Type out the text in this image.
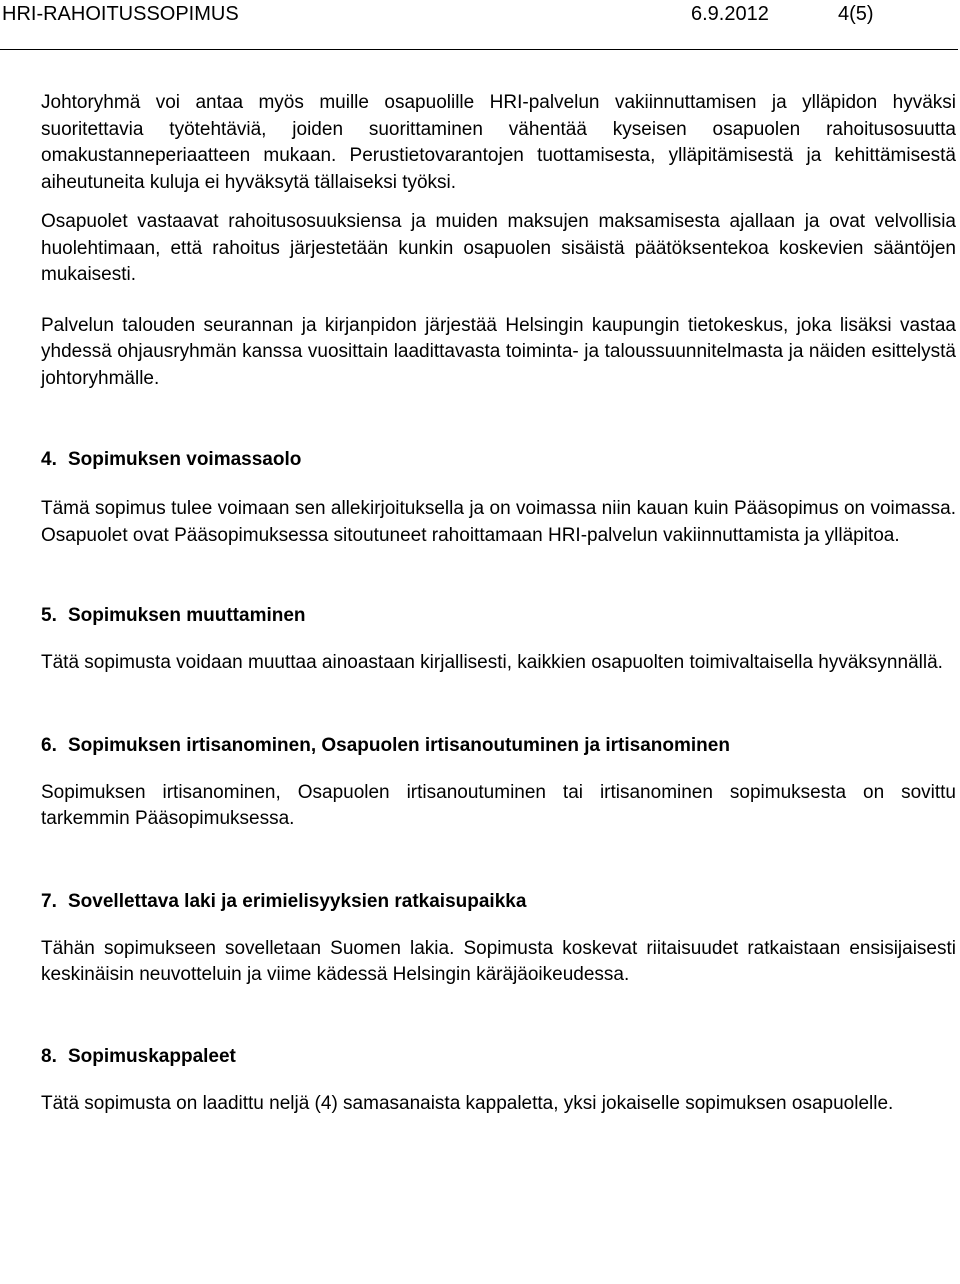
HRI-RAHOITUSSOPIMUS	6.9.2012	4(5)

Johtoryhmä voi antaa myös muille osapuolille HRI-palvelun vakiinnuttamisen ja ylläpidon hyväksi suoritettavia työtehtäviä, joiden suorittaminen vähentää kyseisen osapuolen rahoitusosuutta omakustanneperiaatteen mukaan. Perustietovarantojen tuottamisesta, ylläpitämisestä ja kehittämisestä aiheutuneita kuluja ei hyväksytä tällaiseksi työksi.

Osapuolet vastaavat rahoitusosuuksiensa ja muiden maksujen maksamisesta ajallaan ja ovat velvollisia huolehtimaan, että rahoitus järjestetään kunkin osapuolen sisäistä päätöksentekoa koskevien sääntöjen mukaisesti.

Palvelun talouden seurannan ja kirjanpidon järjestää Helsingin kaupungin tietokeskus, joka lisäksi vastaa yhdessä ohjausryhmän kanssa vuosittain laadittavasta toiminta- ja taloussuunnitelmasta ja näiden esittelystä johtoryhmälle.

4. Sopimuksen voimassaolo

Tämä sopimus tulee voimaan sen allekirjoituksella ja on voimassa niin kauan kuin Pääsopimus on voimassa. Osapuolet ovat Pääsopimuksessa sitoutuneet rahoittamaan HRI-palvelun vakiinnuttamista ja ylläpitoa.

5. Sopimuksen muuttaminen

Tätä sopimusta voidaan muuttaa ainoastaan kirjallisesti, kaikkien osapuolten toimivaltaisella hyväksynnällä.

6. Sopimuksen irtisanominen, Osapuolen irtisanoutuminen ja irtisanominen

Sopimuksen irtisanominen, Osapuolen irtisanoutuminen tai irtisanominen sopimuksesta on sovittu tarkemmin Pääsopimuksessa.

7. Sovellettava laki ja erimielisyyksien ratkaisupaikka

Tähän sopimukseen sovelletaan Suomen lakia. Sopimusta koskevat riitaisuudet ratkaistaan ensisijaisesti keskinäisin neuvotteluin ja viime kädessä Helsingin käräjäoikeudessa.

8. Sopimuskappaleet

Tätä sopimusta on laadittu neljä (4) samasanaista kappaletta, yksi jokaiselle sopimuksen osapuolelle.
